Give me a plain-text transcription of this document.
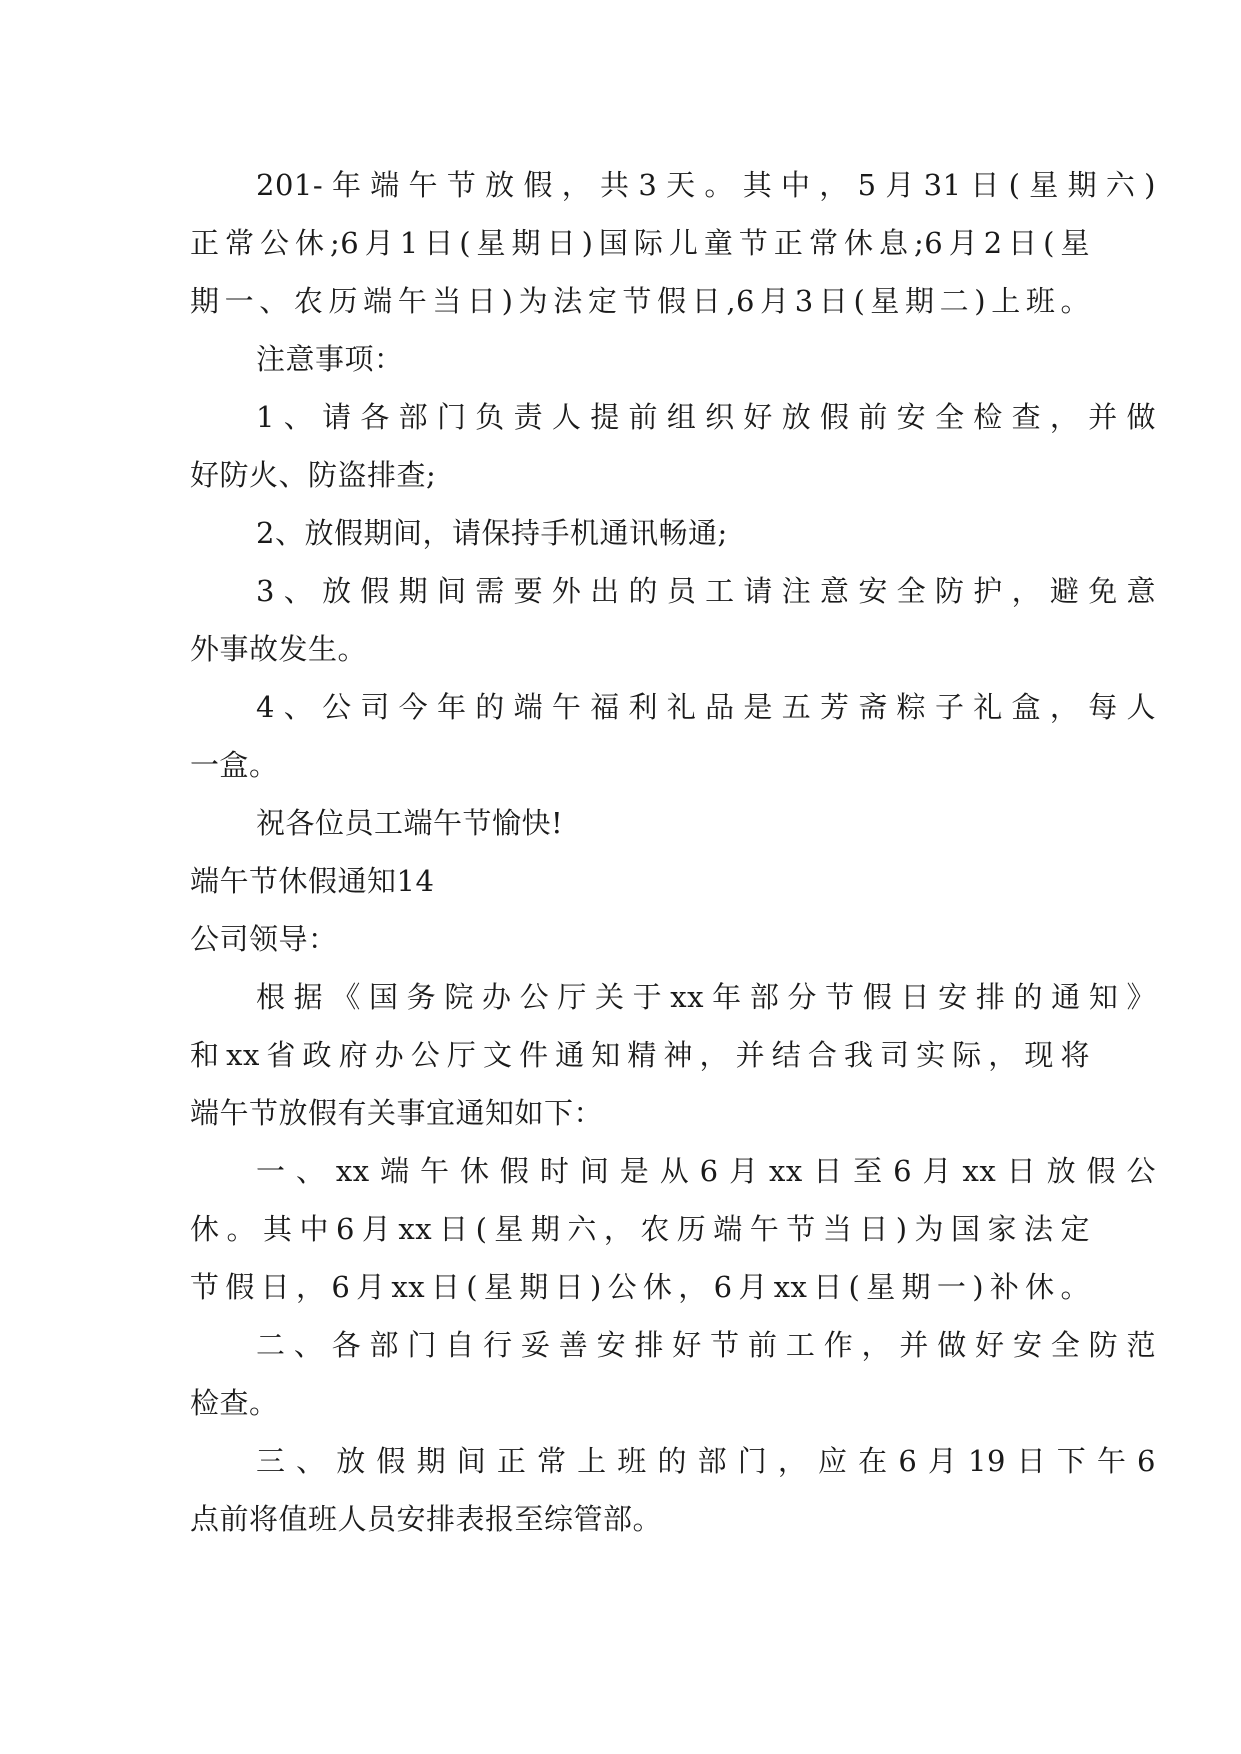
201-年端午节放假，共3天。其中，5月31日(星期六)
正常公休;6月1日(星期日)国际儿童节正常休息;6月2日(星
期一、农历端午当日)为法定节假日,6月3日(星期二)上班。
注意事项：
1、请各部门负责人提前组织好放假前安全检查，并做
好防火、防盗排查;
2、放假期间，请保持手机通讯畅通;
3、放假期间需要外出的员工请注意安全防护，避免意
外事故发生。
4、公司今年的端午福利礼品是五芳斋粽子礼盒，每人
一盒。
祝各位员工端午节愉快!
端午节休假通知14
公司领导：
根据《国务院办公厅关于xx年部分节假日安排的通知》
和xx省政府办公厅文件通知精神，并结合我司实际，现将
端午节放假有关事宜通知如下：
一、xx端午休假时间是从6月xx日至6月xx日放假公
休。其中6月xx日(星期六，农历端午节当日)为国家法定
节假日，6月xx日(星期日)公休，6月xx日(星期一)补休。
二、各部门自行妥善安排好节前工作，并做好安全防范
检查。
三、放假期间正常上班的部门，应在6月19日下午6
点前将值班人员安排表报至综管部。
